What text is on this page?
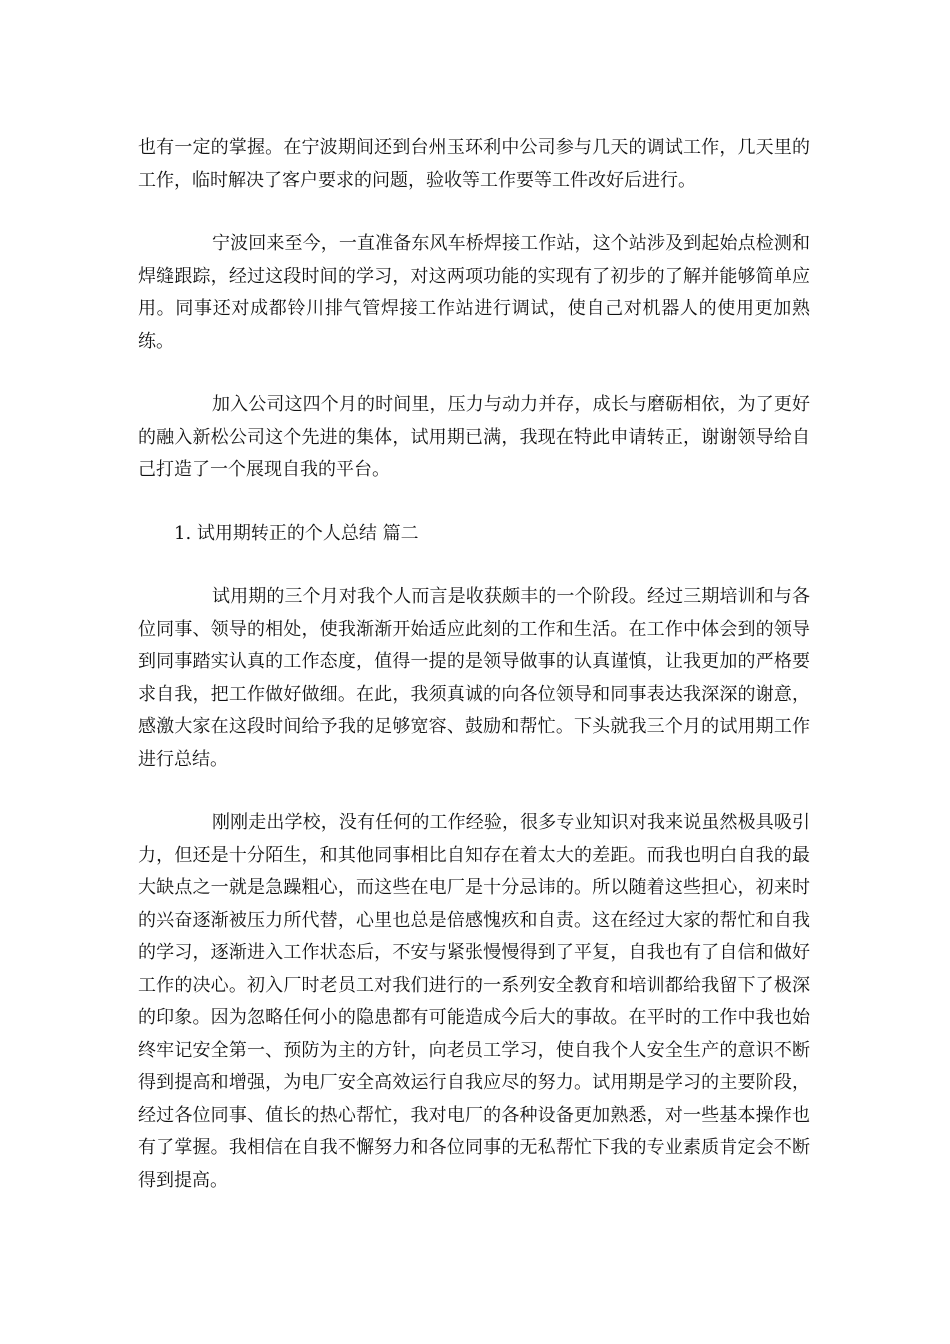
也有一定的掌握。在宁波期间还到台州玉环利中公司参与几天的调试工作，几天里的工作，临时解决了客户要求的问题，验收等工作要等工件改好后进行。

宁波回来至今，一直准备东风车桥焊接工作站，这个站涉及到起始点检测和焊缝跟踪，经过这段时间的学习，对这两项功能的实现有了初步的了解并能够简单应用。同事还对成都铃川排气管焊接工作站进行调试，使自己对机器人的使用更加熟练。

加入公司这四个月的时间里，压力与动力并存，成长与磨砺相依，为了更好的融入新松公司这个先进的集体，试用期已满，我现在特此申请转正，谢谢领导给自己打造了一个展现自我的平台。

1. 试用期转正的个人总结 篇二

试用期的三个月对我个人而言是收获颇丰的一个阶段。经过三期培训和与各位同事、领导的相处，使我渐渐开始适应此刻的工作和生活。在工作中体会到的领导到同事踏实认真的工作态度，值得一提的是领导做事的认真谨慎，让我更加的严格要求自我，把工作做好做细。在此，我须真诚的向各位领导和同事表达我深深的谢意，感激大家在这段时间给予我的足够宽容、鼓励和帮忙。下头就我三个月的试用期工作进行总结。

刚刚走出学校，没有任何的工作经验，很多专业知识对我来说虽然极具吸引力，但还是十分陌生，和其他同事相比自知存在着太大的差距。而我也明白自我的最大缺点之一就是急躁粗心，而这些在电厂是十分忌讳的。所以随着这些担心，初来时的兴奋逐渐被压力所代替，心里也总是倍感愧疚和自责。这在经过大家的帮忙和自我的学习，逐渐进入工作状态后，不安与紧张慢慢得到了平复，自我也有了自信和做好工作的决心。初入厂时老员工对我们进行的一系列安全教育和培训都给我留下了极深的印象。因为忽略任何小的隐患都有可能造成今后大的事故。在平时的工作中我也始终牢记安全第一、预防为主的方针，向老员工学习，使自我个人安全生产的意识不断得到提高和增强，为电厂安全高效运行自我应尽的努力。试用期是学习的主要阶段，经过各位同事、值长的热心帮忙，我对电厂的各种设备更加熟悉，对一些基本操作也有了掌握。我相信在自我不懈努力和各位同事的无私帮忙下我的专业素质肯定会不断得到提高。
